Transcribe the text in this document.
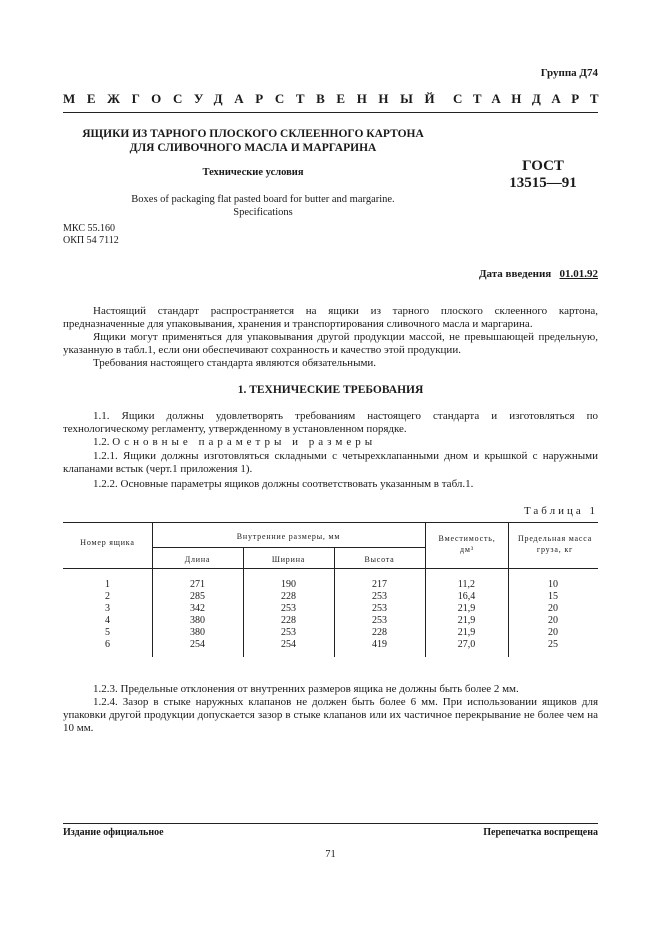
Группа Д74
МЕЖГОСУДАРСТВЕННЫЙ СТАНДАРТ
ЯЩИКИ ИЗ ТАРНОГО ПЛОСКОГО СКЛЕЕННОГО КАРТОНА
ДЛЯ СЛИВОЧНОГО МАСЛА И МАРГАРИНА
Технические условия
Boxes of packaging flat pasted board for butter and margarine.
Specifications
ГОСТ
13515—91
МКС 55.160
ОКП 54 7112
Дата введения 01.01.92
Настоящий стандарт распространяется на ящики из тарного плоского склеенного картона, предназначенные для упаковывания, хранения и транспортирования сливочного масла и маргарина.
Ящики могут применяться для упаковывания другой продукции массой, не превышающей предельную, указанную в табл.1, если они обеспечивают сохранность и качество этой продукции.
Требования настоящего стандарта являются обязательными.
1. ТЕХНИЧЕСКИЕ ТРЕБОВАНИЯ
1.1. Ящики должны удовлетворять требованиям настоящего стандарта и изготовляться по технологическому регламенту, утвержденному в установленном порядке.
1.2. Основные параметры и размеры
1.2.1. Ящики должны изготовляться складными с четырехклапанными дном и крышкой с наружными клапанами встык (черт.1 приложения 1).
1.2.2. Основные параметры ящиков должны соответствовать указанным в табл.1.
Таблица 1
Номер ящика
Внутренние размеры, мм
Длина	Ширина	Высота
Вместимость, дм³
Предельная масса груза, кг
1	271	190	217	11,2	10
2	285	228	253	16,4	15
3	342	253	253	21,9	20
4	380	228	253	21,9	20
5	380	253	228	21,9	20
6	254	254	419	27,0	25
1.2.3. Предельные отклонения от внутренних размеров ящика не должны быть более 2 мм.
1.2.4. Зазор в стыке наружных клапанов не должен быть более 6 мм. При использовании ящиков для упаковки другой продукции допускается зазор в стыке клапанов или их частичное перекрывание не более чем на 10 мм.
Издание официальное	Перепечатка воспрещена
71
